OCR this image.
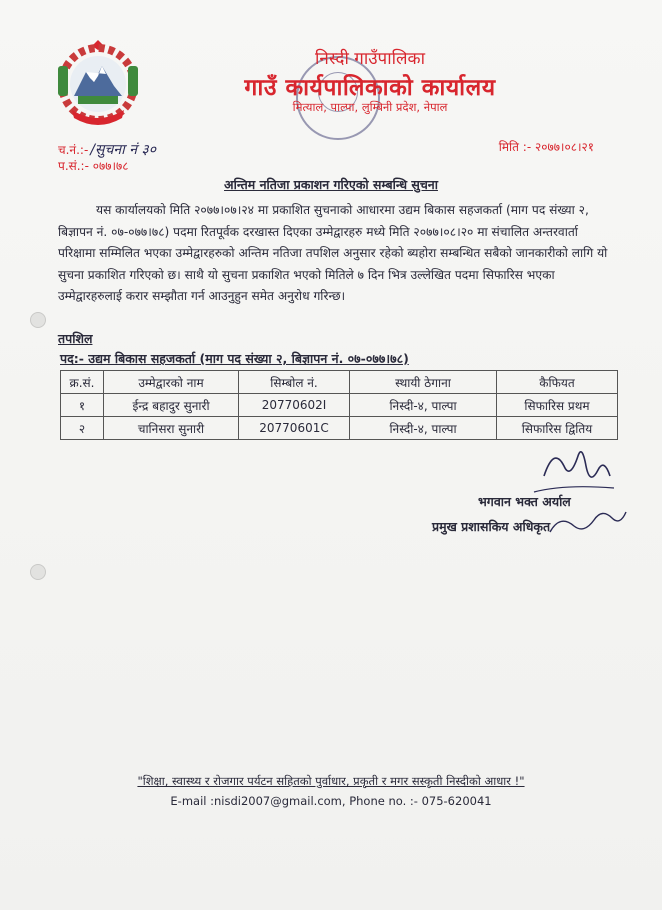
निस्दी गाउँपालिका
गाउँ कार्यपालिकाको कार्यालय
मित्याल, पाल्पा, लुम्बिनी प्रदेश, नेपाल
च.नं.:- /सुचना नं ३०
प.सं.:- ०७७।७८
मिति :- २०७७।०८।२१
अन्तिम नतिजा प्रकाशन गरिएको सम्बन्धि सुचना
यस कार्यालयको मिति २०७७।०७।२४ मा प्रकाशित सुचनाको आधारमा उद्यम बिकास सहजकर्ता (माग पद संख्या २, बिज्ञापन नं. ०७-०७७।७८) पदमा रितपूर्वक दरखास्त दिएका उम्मेद्वारहरु मध्ये मिति २०७७।०८।२० मा संचालित अन्तरवार्ता परिक्षामा सम्मिलित भएका उम्मेद्वारहरुको अन्तिम नतिजा तपशिल अनुसार रहेको ब्यहोरा सम्बन्धित सबैको जानकारीको लागि यो सुचना प्रकाशित गरिएको छ। साथै यो सुचना प्रकाशित भएको मितिले ७ दिन भित्र उल्लेखित पदमा सिफारिस भएका उम्मेद्वारहरुलाई करार सम्झौता गर्न आउनुहुन समेत अनुरोध गरिन्छ।
तपशिल
पद:- उद्यम बिकास सहजकर्ता (माग पद संख्या २, बिज्ञापन नं. ०७-०७७।७८)
क्र.सं.	उम्मेद्वारको नाम	सिम्बोल नं.	स्थायी ठेगाना	कैफियत
१	ईन्द्र बहादुर सुनारी	20770602I	निस्दी-४, पाल्पा	सिफारिस प्रथम
२	चानिसरा सुनारी	20770601C	निस्दी-४, पाल्पा	सिफारिस द्वितिय
भगवान भक्त अर्याल
प्रमुख प्रशासकिय अधिकृत
"शिक्षा, स्वास्थ्य र रोजगार पर्यटन सहितको पुर्वाधार, प्रकृती र मगर सस्कृती निस्दीको आधार !"
E-mail :nisdi2007@gmail.com, Phone no. :- 075-620041
